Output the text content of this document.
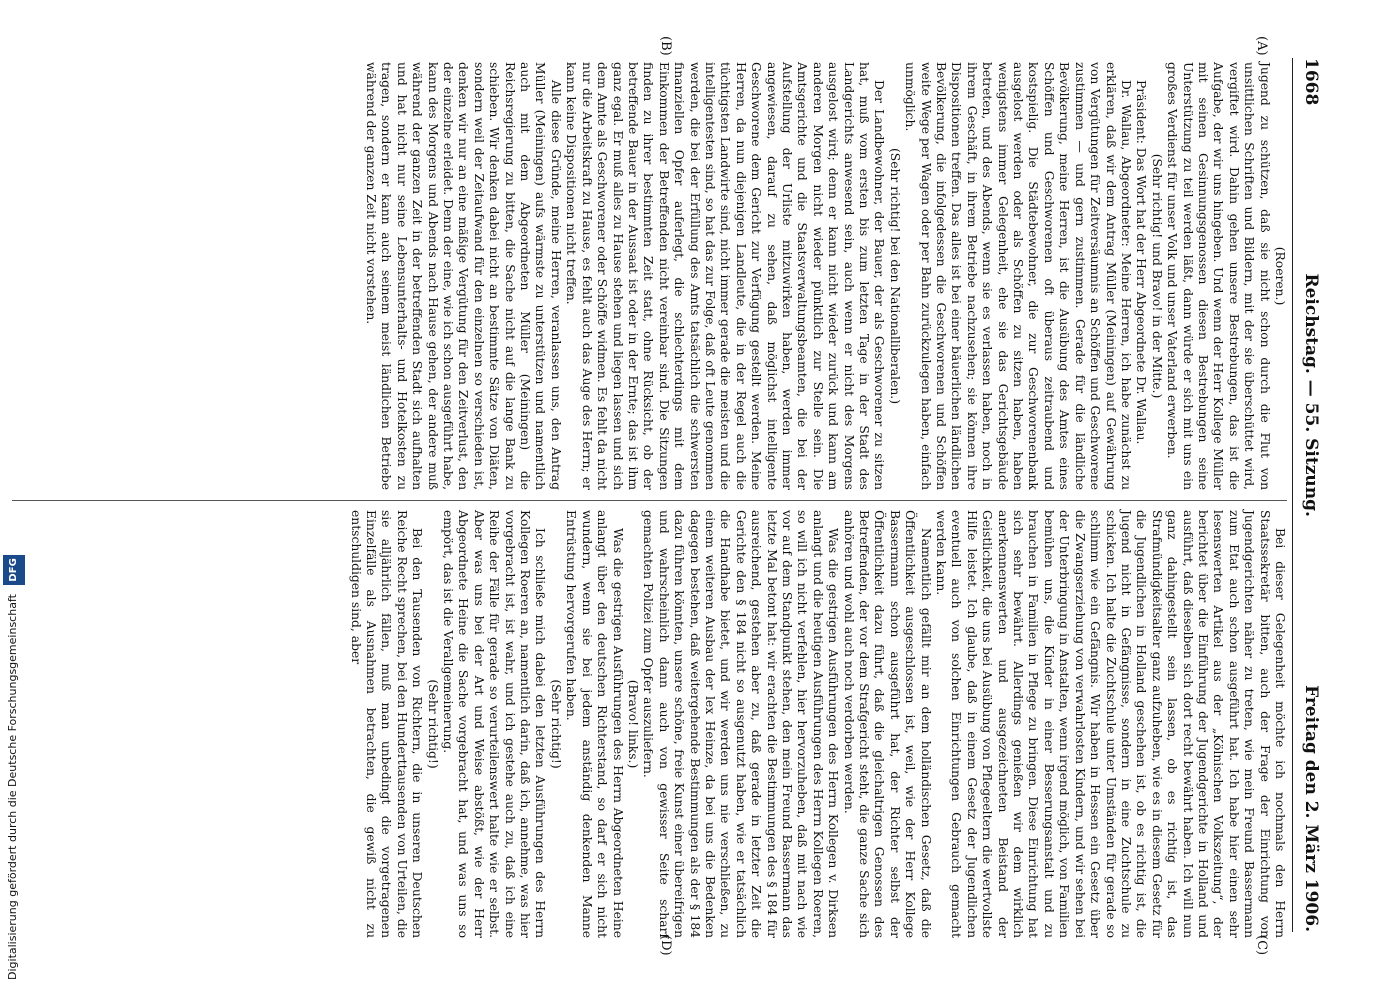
1668
Reichstag. — 55. Sitzung.
Freitag den 2. März 1906.
(A)
(B)
(C)
(D)

(Roeren.)

Jugend zu schützen, daß sie nicht schon durch die Flut von unsittlichen Schriften und Bildern, mit der sie überschüttet wird, vergiftet wird. Dahin gehen unsere Bestrebungen, das ist die Aufgabe, der wir uns hingeben. Und wenn der Herr Kollege Müller mit seinen Gesinnungsgenossen diesen Bestrebungen seine Unterstützung zu teil werden läßt, dann würde er sich mit uns ein großes Verdienst für unser Volk und unser Vaterland erwerben.

(Sehr richtig! und Bravo! in der Mitte.)

Präsident: Das Wort hat der Herr Abgeordnete Dr. Wallau.

Dr. Wallau, Abgeordneter: Meine Herren, ich habe zunächst zu erklären, daß wir dem Antrag Müller (Meiningen) auf Gewährung von Vergütungen für Zeitversäumnis an Schöffen und Geschworene zustimmen — und gern zustimmen. Gerade für die ländliche Bevölkerung, meine Herren, ist die Ausübung des Amtes eines Schöffen und Geschworenen oft überaus zeitraubend und kostspielig. Die Städtebewohner, die zur Geschworenenbank ausgelost werden oder als Schöffen zu sitzen haben, haben wenigstens immer Gelegenheit, ehe sie das Gerichtsgebäude betreten, und des Abends, wenn sie es verlassen haben, noch in ihrem Geschäft, in ihrem Betriebe nachzusehen; sie können ihre Dispositionen treffen. Das alles ist bei einer bäuerlichen ländlichen Bevölkerung, die infolgedessen die Geschworenen und Schöffen weite Wege per Wagen oder per Bahn zurückzulegen haben, einfach unmöglich.

(Sehr richtig! bei den Nationalliberalen.)

Der Landbewohner, der Bauer, der als Geschworener zu sitzen hat, muß vom ersten bis zum letzten Tage in der Stadt des Landgerichts anwesend sein, auch wenn er nicht des Morgens ausgelost wird; denn er kann nicht wieder zurück und kann am anderen Morgen nicht wieder pünktlich zur Stelle sein. Die Amtsgerichte und die Staatsverwaltungsbeamten, die bei der Aufstellung der Urliste mitzuwirken haben, werden immer angewiesen, darauf zu sehen, daß möglichst intelligente Geschworene dem Gericht zur Verfügung gestellt werden. Meine Herren, da nun diejenigen Landleute, die in der Regel auch die tüchtigsten Landwirte sind, nicht immer gerade die meisten und die intelligentesten sind, so hat das zur Folge, daß oft Leute genommen werden, die bei der Erfüllung des Amts tatsächlich die schwersten finanziellen Opfer auferlegt, die schlechterdings mit dem Einkommen der Betreffenden nicht vereinbar sind. Die Sitzungen finden zu ihrer bestimmten Zeit statt, ohne Rücksicht, ob der betreffende Bauer in der Aussaat ist oder in der Ernte; das ist ihm ganz egal. Er muß alles zu Hause stehen und liegen lassen und sich dem Amte als Geschworener oder Schöffe widmen. Es fehlt da nicht nur die Arbeitskraft zu Hause, es fehlt auch das Auge des Herrn; er kann keine Dispositionen nicht treffen.

Alle diese Gründe, meine Herren, veranlassen uns, den Antrag Müller (Meiningen) aufs wärmste zu unterstützen und namentlich auch mit dem Abgeordneten Müller (Meiningen) die Reichsregierung zu bitten, die Sache nicht auf die lange Bank zu schieben. Wir denken dabei nicht an bestimmte Sätze von Diäten, sondern weil der Zeitaufwand für den einzelnen so verschieden ist, denken wir nur an eine mäßige Vergütung für den Zeitverlust, den der einzelne erleidet. Denn der eine, wie ich schon ausgeführt habe, kann des Morgens und Abends nach Hause gehen, der andere muß während der ganzen Zeit in der betreffenden Stadt sich aufhalten und hat nicht nur seine Lebensunterhalts- und Hotelkosten zu tragen, sondern er kann auch seinem meist ländlichen Betriebe während der ganzen Zeit nicht vorstehen.

Bei dieser Gelegenheit möchte ich nochmals den Herrn Staatssekretär bitten, auch der Frage der Einrichtung von Jugendgerichten näher zu treten, wie mein Freund Bassermann zum Etat auch schon ausgeführt hat. Ich habe hier einen sehr lesenswerten Artikel aus der „Kölnischen Volkszeitung“, der berichtet über die Einführung der Jugendgerichte in Holland und ausführt, daß dieselben sich dort recht bewährt haben. Ich will nun ganz dahingestellt sein lassen, ob es richtig ist, das Strafmündigkeitsalter ganz aufzuheben, wie es in diesem Gesetz für die Jugendlichen in Holland geschehen ist, ob es richtig ist, die Jugend nicht in Gefängnisse, sondern in eine Zuchtschule zu schicken. Ich halte die Zuchtschule unter Umständen für gerade so schlimm wie ein Gefängnis. Wir haben in Hessen ein Gesetz über die Zwangserziehung von verwahrlosten Kindern, und wir sehen bei der Unterbringung in Anstalten, wenn irgend möglich, von Familien bemühen uns, die Kinder in einer Besserungsanstalt und zu brauchen in Familien in Pflege zu bringen. Diese Einrichtung hat sich sehr bewährt. Allerdings genießen wir dem wirklich anerkennenswerten und ausgezeichneten Beistand der Geistlichkeit, die uns bei Ausübung von Pflegeeltern die wertvollste Hilfe leistet. Ich glaube, daß in einem Gesetz der Jugendlichen eventuell auch von solchen Einrichtungen Gebrauch gemacht werden kann.

Namentlich gefällt mir an dem holländischen Gesetz, daß die Öffentlichkeit ausgeschlossen ist, weil, wie der Herr Kollege Bassermann schon ausgeführt hat, der Richter selbst der Öffentlichkeit dazu führt, daß die gleichaltrigen Genossen des Betreffenden, der vor dem Strafgericht steht, die ganze Sache sich anhören und wohl auch noch verdorben werden.

Was die gestrigen Ausführungen des Herrn Kollegen v. Dirksen anlangt und die heutigen Ausführungen des Herrn Kollegen Roeren, so will ich nicht verfehlen, hier hervorzuheben, daß mit nach wie vor auf dem Standpunkt stehen, den mein Freund Bassermann das letzte Mal betont hat: wir erachten die Bestimmungen des § 184 für ausreichend, gestehen aber zu, daß gerade in letzter Zeit die Gerichte den § 184 nicht so ausgenutzt haben, wie er tatsächlich die Handhabe bietet, und wir werden uns nie verschließen, zu einem weiteren Ausbau der lex Heinze, da bei uns die Bedenken dagegen bestehen, daß weitergehende Bestimmungen als der § 184 dazu führen könnten, unsere schöne, freie Kunst einer übereifrigen und wahrscheinlich dann auch von gewisser Seite scharf gemachten Polizei zum Opfer auszuliefern.

(Bravo! links.)

Was die gestrigen Ausführungen des Herrn Abgeordneten Heine anlangt über den deutschen Richterstand, so darf er sich nicht wundern, wenn sie bei jedem anständig denkenden Manne Entrüstung hervorgerufen haben.

(Sehr richtig!)

Ich schließe mich dabei den letzten Ausführungen des Herrn Kollegen Roeren an, namentlich darin, daß ich, annehme, was hier vorgebracht ist, ist wahr, und ich gestehe auch zu, daß ich eine Reihe der Fälle für gerade so verurteilenswert halte wie er selbst. Aber was uns bei der Art und Weise abstößt, wie der Herr Abgeordnete Heine die Sache vorgebracht hat, und was uns so empört, das ist die Verallgemeinerung.

(Sehr richtig!)

Bei den Tausenden von Richtern, die in unseren Deutschen Reiche Recht sprechen, bei den Hunderttausenden von Urteilen, die sie alljährlich fällen, muß man unbedingt die vorgetragenen Einzelfälle als Ausnahmen betrachten, die gewiß nicht zu entschuldigen sind, aber

Digitalisierung gefördert durch die Deutsche Forschungsgemeinschaft DFG
